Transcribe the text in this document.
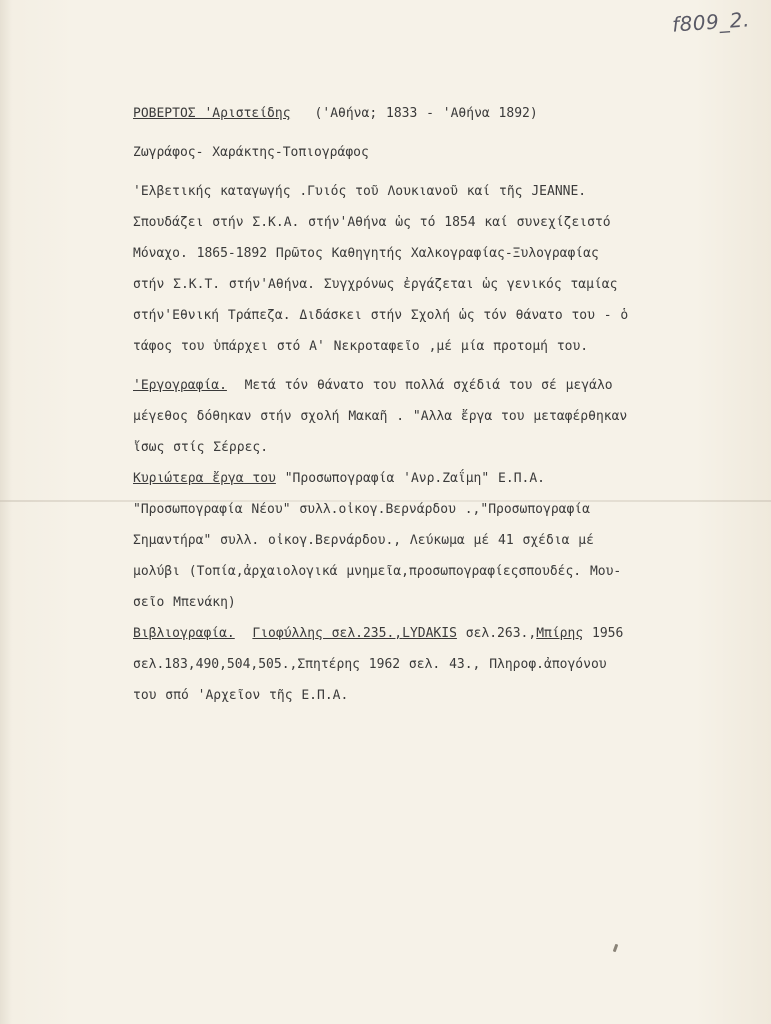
f809_2.
ΡΟΒΕΡΤΟΣ 'Αριστείδης ('Αθήνα; 1833 - 'Αθήνα 1892)
Ζωγράφος- Χαράκτης-Τοπιογράφος
'Ελβετικής καταγωγής .Γυιός τοῦ Λουκιανοῦ καί τῆς JEANNE.
Σπουδάζει στήν Σ.Κ.Α. στήν'Αθήνα ὡς τό 1854 καί συνεχίζειστό
Μόναχο. 1865-1892 Πρῶτος Καθηγητής Χαλκογραφίας-Ξυλογραφίας
στήν Σ.Κ.Τ. στήν'Αθήνα. Συγχρόνως ἐργάζεται ὡς γενικός ταμίας
στήν'Εθνική Τράπεζα. Διδάσκει στήν Σχολή ὡς τόν θάνατο του - ὁ
τάφος του ὑπάρχει στό Α' Νεκροταφεῖο ,μέ μία προτομή του.
'Εργογραφία. Μετά τόν θάνατο του πολλά σχέδιά του σέ μεγάλο
μέγεθος δόθηκαν στήν σχολή Μακαῆ . "Αλλα ἔργα του μεταφέρθηκαν
ἴσως στίς Σέρρες.
Κυριώτερα ἔργα του "Προσωπογραφία 'Ανρ.Ζαΐμη" Ε.Π.Α.
"Προσωπογραφία Νέου" συλλ.οἰκογ.Βερνάρδου .,"Προσωπογραφία
Σημαντήρα" συλλ. οἰκογ.Βερνάρδου., Λεύκωμα μέ 41 σχέδια μέ
μολύβι (Τοπία,ἀρχαιολογικά μνημεῖα,προσωπογραφίεςσπουδές. Μου-
σεῖο Μπενάκη)
Βιβλιογραφία. Γιοφύλλης σελ.235.,LYDAKIS σελ.263.,Μπίρης 1956
σελ.183,490,504,505.,Σπητέρης 1962 σελ. 43., Πληροφ.ἀπογόνου
του σπό 'Αρχεῖον τῆς Ε.Π.Α.
